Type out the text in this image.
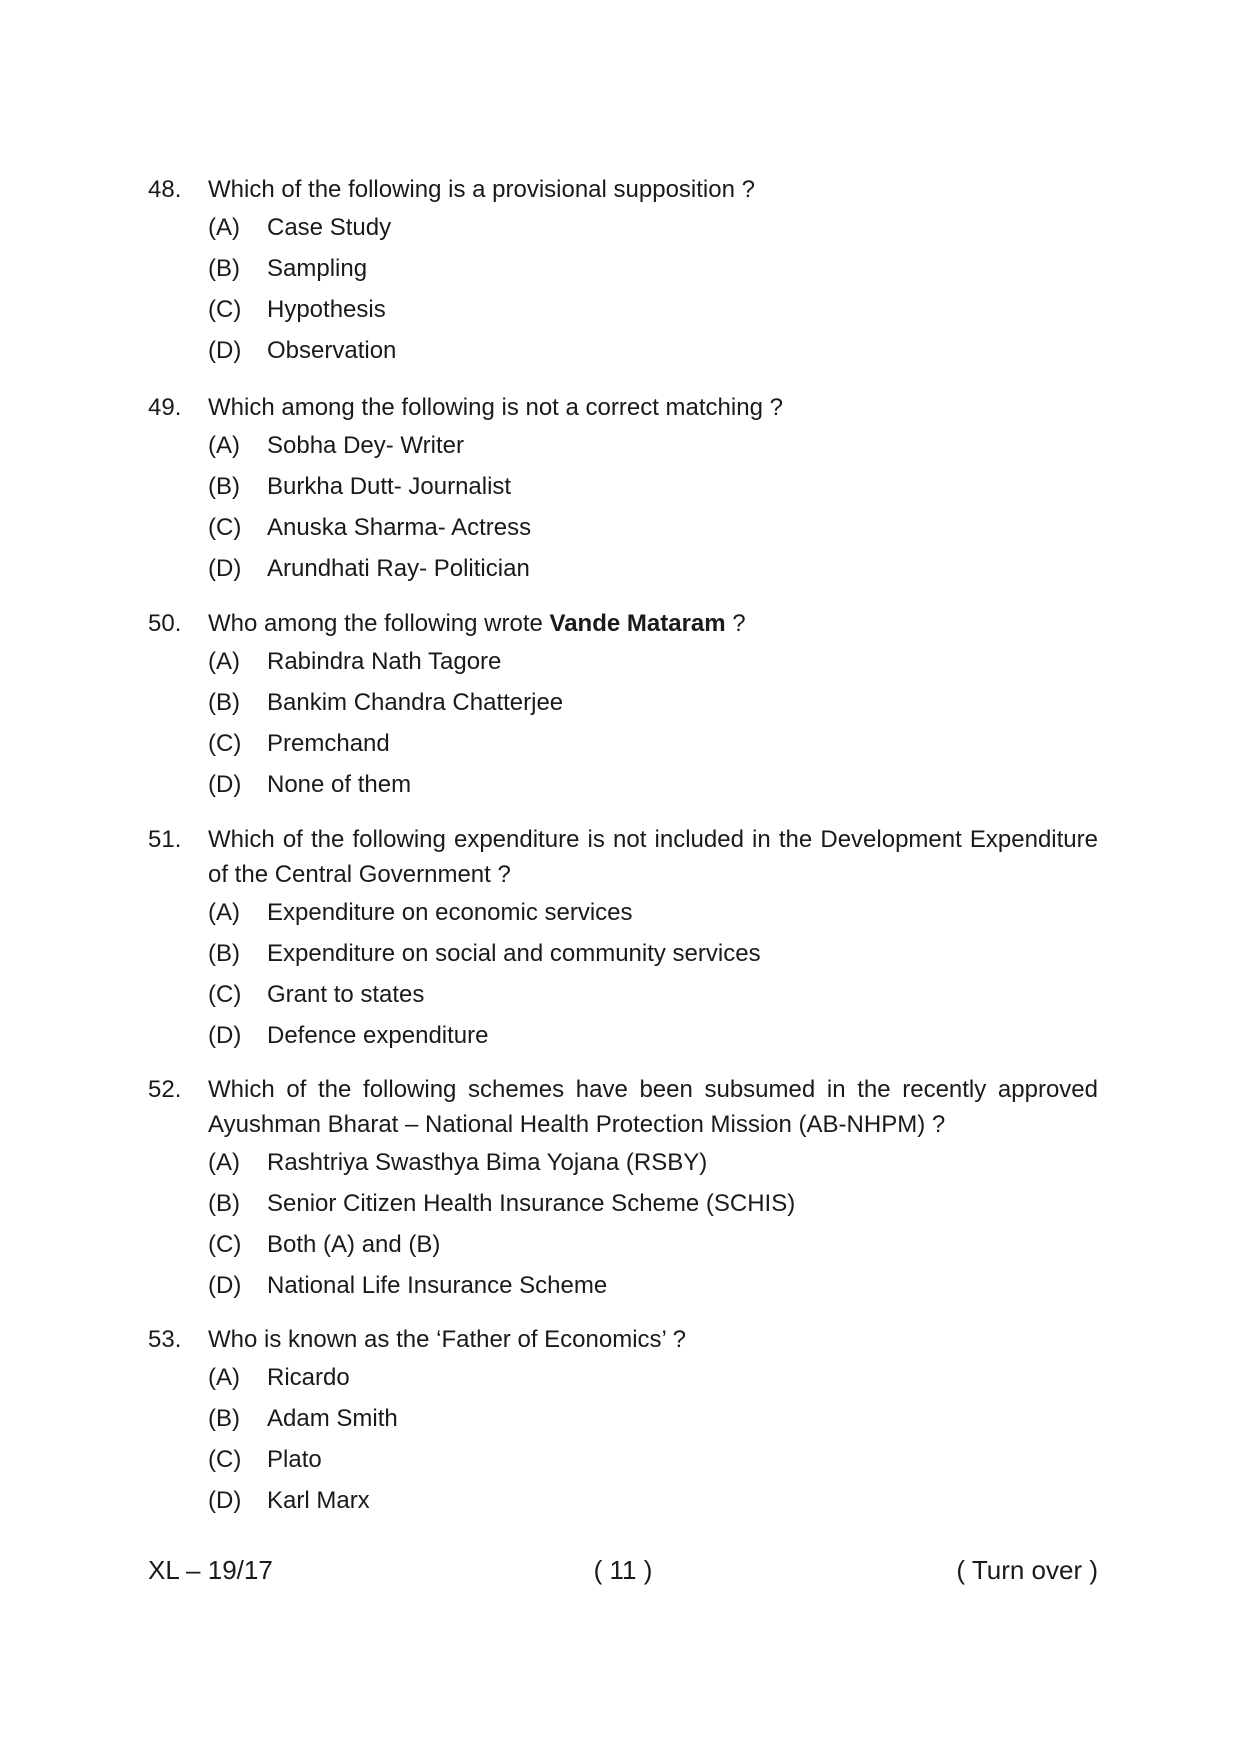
48.	Which of the following is a provisional supposition ?
(A)	Case Study
(B)	Sampling
(C)	Hypothesis
(D)	Observation
49.	Which among the following is not a correct matching ?
(A)	Sobha Dey- Writer
(B)	Burkha Dutt- Journalist
(C)	Anuska Sharma- Actress
(D)	Arundhati Ray- Politician
50.	Who among the following wrote Vande Mataram ?
(A)	Rabindra Nath Tagore
(B)	Bankim Chandra Chatterjee
(C)	Premchand
(D)	None of them
51.	Which of the following expenditure is not included in the Development Expenditure of the Central Government ?
(A)	Expenditure on economic services
(B)	Expenditure on social and community services
(C)	Grant to states
(D)	Defence expenditure
52.	Which of the following schemes have been subsumed in the recently approved Ayushman Bharat – National Health Protection Mission (AB-NHPM) ?
(A)	Rashtriya Swasthya Bima Yojana (RSBY)
(B)	Senior Citizen Health Insurance Scheme (SCHIS)
(C)	Both (A) and (B)
(D)	National Life Insurance Scheme
53.	Who is known as the ‘Father of Economics’ ?
(A)	Ricardo
(B)	Adam Smith
(C)	Plato
(D)	Karl Marx
( 11 )
XL – 19/17	( Turn over )
